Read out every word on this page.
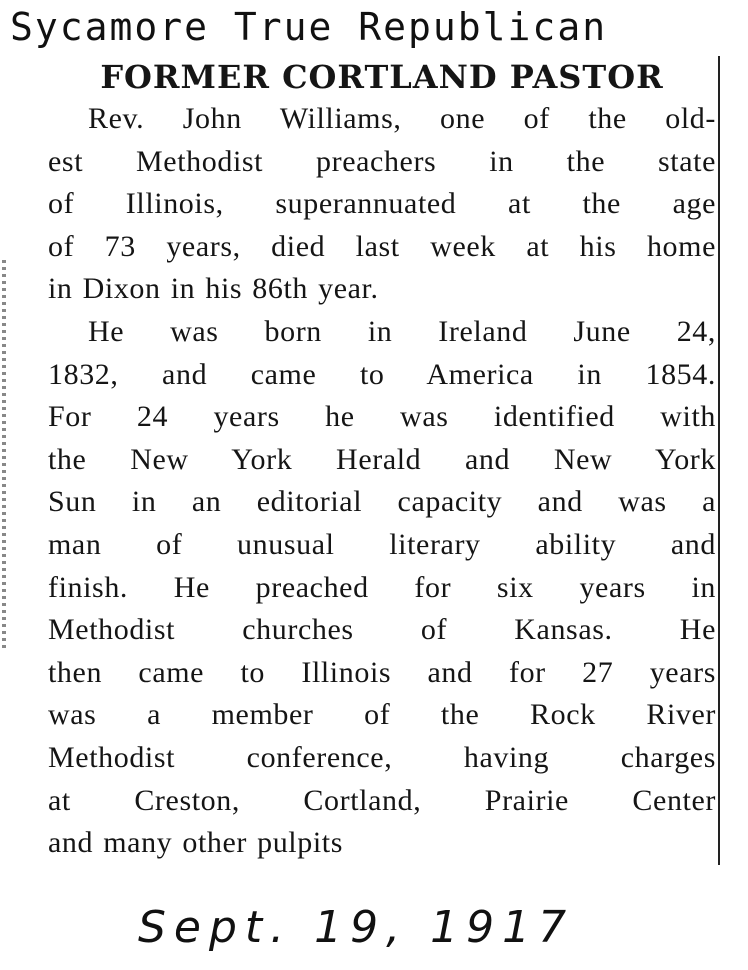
Sycamore True Republican
FORMER CORTLAND PASTOR
Rev. John Williams, one of the old-
est Methodist preachers in the state
of Illinois, superannuated at the age
of 73 years, died last week at his home
in Dixon in his 86th year.
He was born in Ireland June 24,
1832, and came to America in 1854.
For 24 years he was identified with
the New York Herald and New York
Sun in an editorial capacity and was a
man of unusual literary ability and
finish. He preached for six years in
Methodist churches of Kansas. He
then came to Illinois and for 27 years
was a member of the Rock River
Methodist conference, having charges
at Creston, Cortland, Prairie Center
and many other pulpits
Sept. 19, 1917
